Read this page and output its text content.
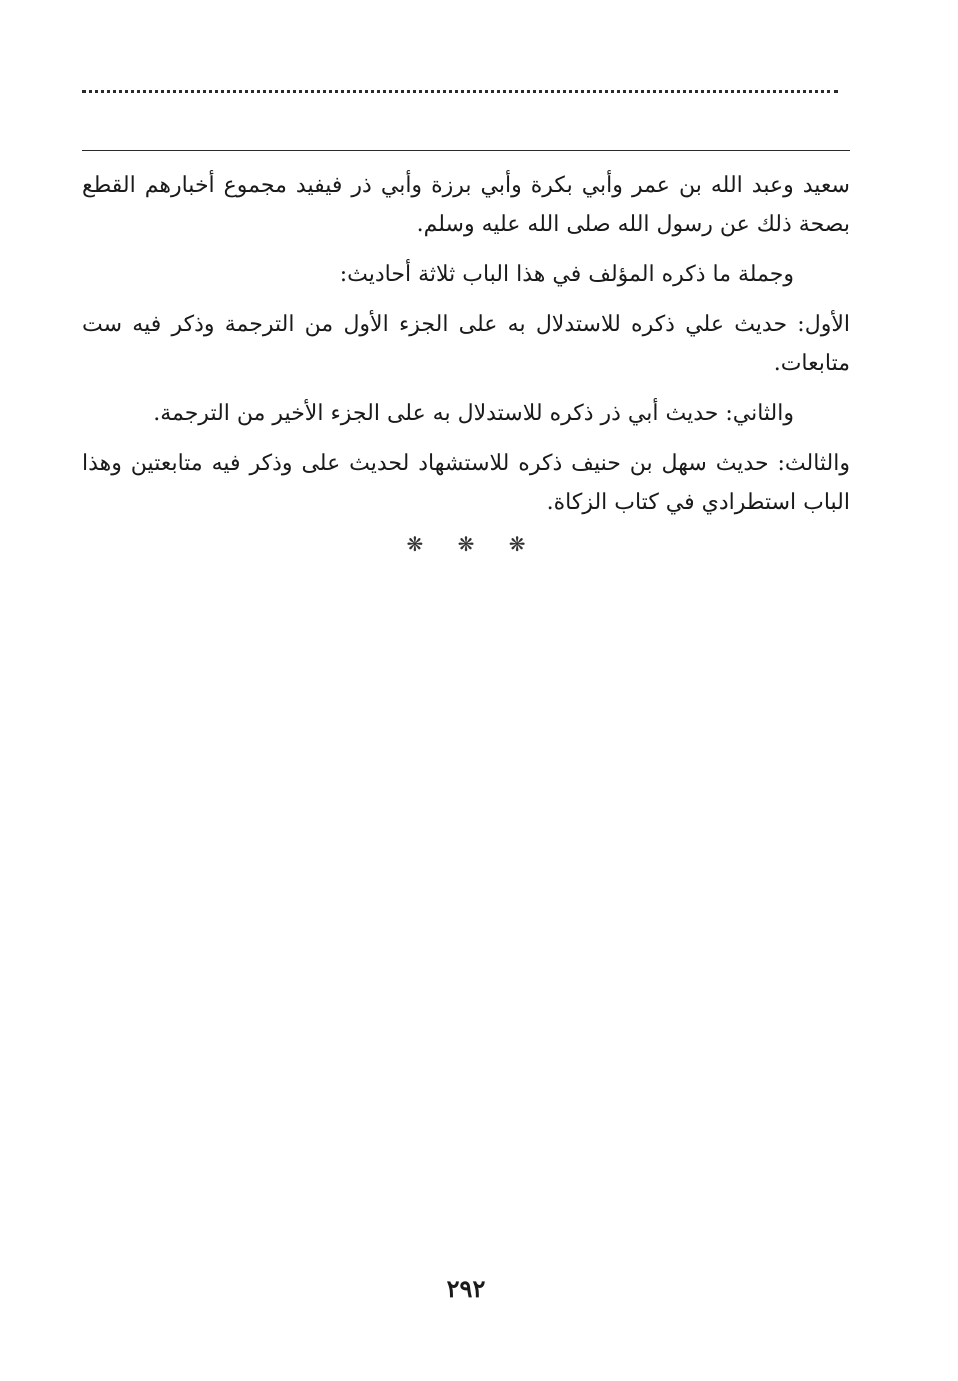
سعيد وعبد الله بن عمر وأبي بكرة وأبي برزة وأبي ذر فيفيد مجموع أخبارهم القطع بصحة ذلك عن رسول الله صلى الله عليه وسلم.

وجملة ما ذكره المؤلف في هذا الباب ثلاثة أحاديث:

الأول: حديث علي ذكره للاستدلال به على الجزء الأول من الترجمة وذكر فيه ست متابعات.

والثاني: حديث أبي ذر ذكره للاستدلال به على الجزء الأخير من الترجمة.

والثالث: حديث سهل بن حنيف ذكره للاستشهاد لحديث على وذكر فيه متابعتين وهذا الباب استطرادي في كتاب الزكاة.

❋ ❋ ❋
٢٩٢
